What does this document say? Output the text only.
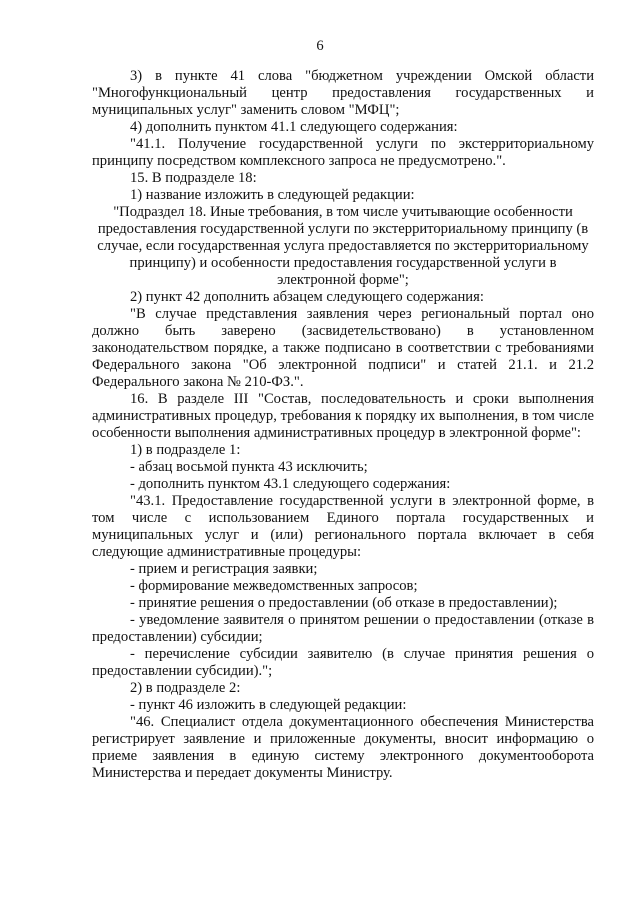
6

3) в пункте 41 слова "бюджетном учреждении Омской области "Многофункциональный центр предоставления государственных и муниципальных услуг" заменить словом "МФЦ";

4) дополнить пунктом 41.1 следующего содержания:

"41.1. Получение государственной услуги по экстерриториальному принципу посредством комплексного запроса не предусмотрено.".

15. В подразделе 18:

1) название изложить в следующей редакции:

"Подраздел 18. Иные требования, в том числе учитывающие особенности предоставления государственной услуги по экстерриториальному принципу (в случае, если государственная услуга предоставляется по экстерриториальному принципу) и особенности предоставления государственной услуги в электронной форме";

2) пункт 42 дополнить абзацем следующего содержания:

"В случае представления заявления через региональный портал оно должно быть заверено (засвидетельствовано) в установленном законодательством порядке, а также подписано в соответствии с требованиями Федерального закона "Об электронной подписи" и статей 21.1. и 21.2 Федерального закона № 210-ФЗ.".

16. В разделе III "Состав, последовательность и сроки выполнения административных процедур, требования к порядку их выполнения, в том числе особенности выполнения административных процедур в электронной форме":

1) в подразделе 1:

- абзац восьмой пункта 43 исключить;

- дополнить пунктом 43.1 следующего содержания:

"43.1. Предоставление государственной услуги в электронной форме, в том числе с использованием Единого портала государственных и муниципальных услуг и (или) регионального портала включает в себя следующие административные процедуры:

- прием и регистрация заявки;

- формирование межведомственных запросов;

- принятие решения о предоставлении (об отказе в предоставлении);

- уведомление заявителя о принятом решении о предоставлении (отказе в предоставлении) субсидии;

- перечисление субсидии заявителю (в случае принятия решения о предоставлении субсидии).";

2) в подразделе 2:

- пункт 46 изложить в следующей редакции:

"46. Специалист отдела документационного обеспечения Министерства регистрирует заявление и приложенные документы, вносит информацию о приеме заявления в единую систему электронного документооборота Министерства и передает документы Министру.
